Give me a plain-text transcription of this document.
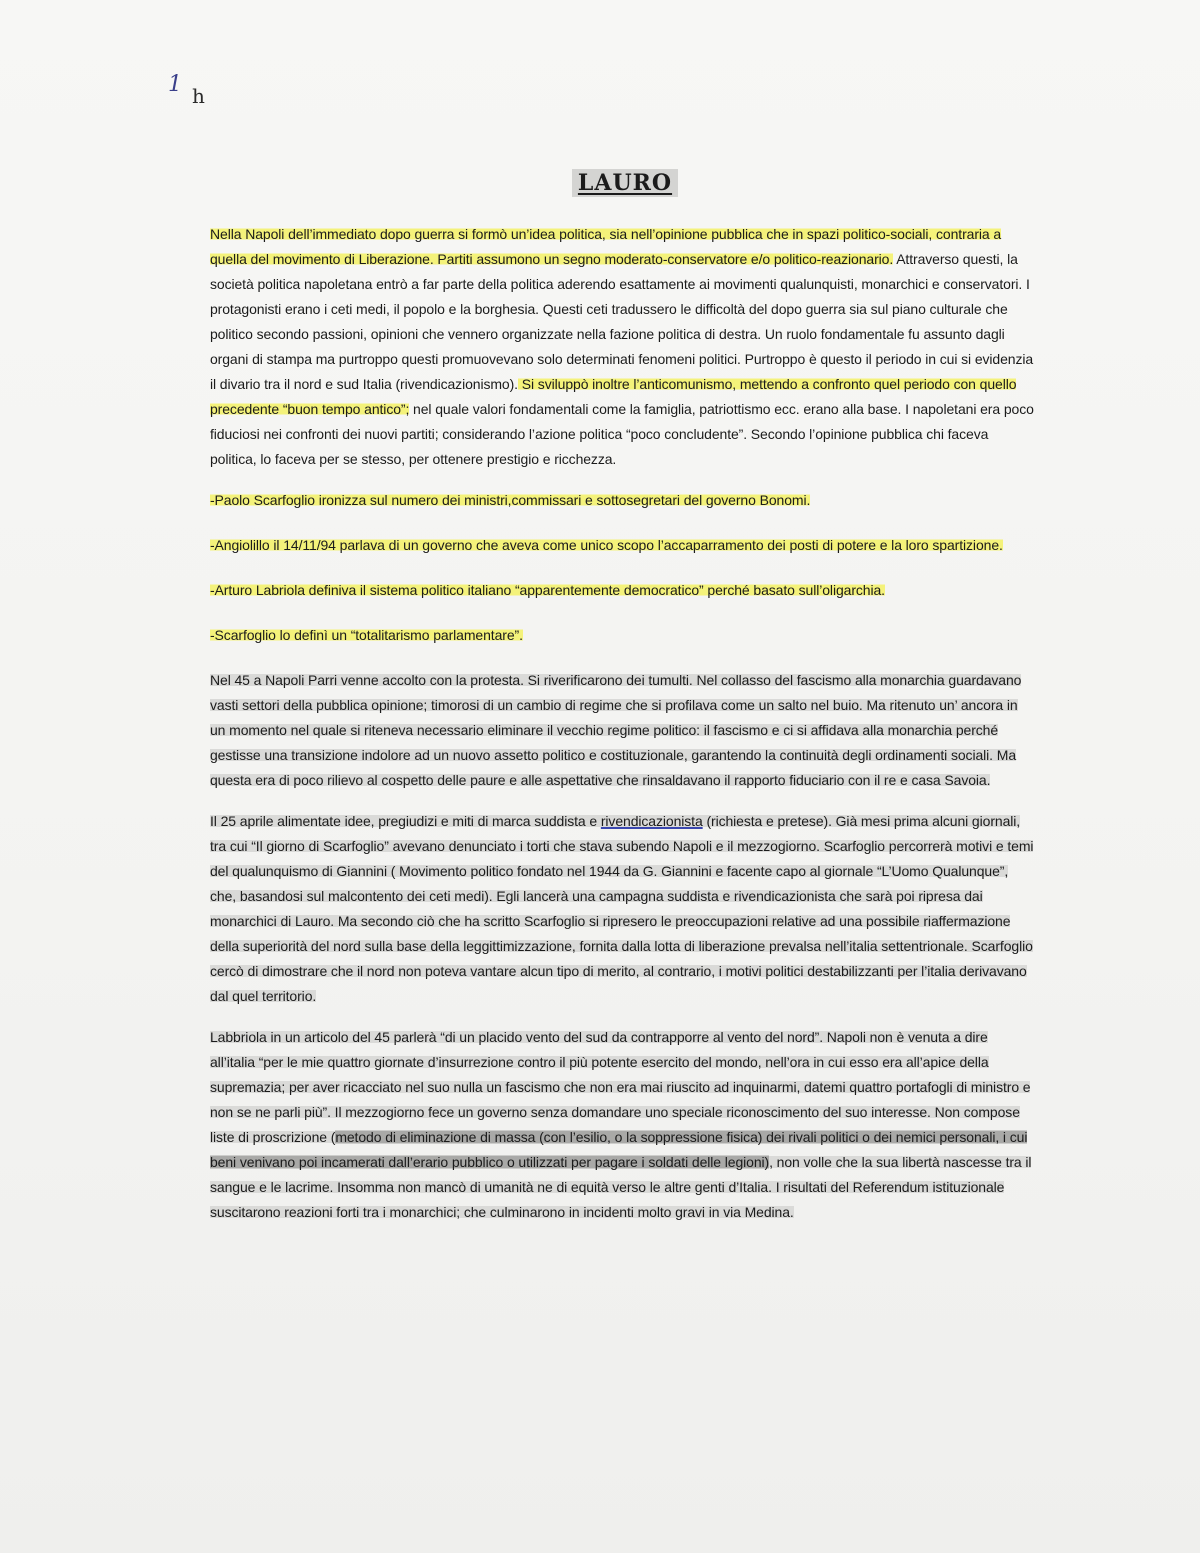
1 h
LAURO

Nella Napoli dell’immediato dopo guerra si formò un’idea politica, sia nell’opinione pubblica che in spazi politico-sociali, contraria a quella del movimento di Liberazione. Partiti assumono un segno moderato-conservatore e/o politico-reazionario. Attraverso questi, la società politica napoletana entrò a far parte della politica aderendo esattamente ai movimenti qualunquisti, monarchici e conservatori. I protagonisti erano i ceti medi, il popolo e la borghesia. Questi ceti tradussero le difficoltà del dopo guerra sia sul piano culturale che politico secondo passioni, opinioni che vennero organizzate nella fazione politica di destra. Un ruolo fondamentale fu assunto dagli organi di stampa ma purtroppo questi promuovevano solo determinati fenomeni politici. Purtroppo è questo il periodo in cui si evidenzia il divario tra il nord e sud Italia (rivendicazionismo). Si sviluppò inoltre l’anticomunismo, mettendo a confronto quel periodo con quello precedente “buon tempo antico”; nel quale valori fondamentali come la famiglia, patriottismo ecc. erano alla base. I napoletani era poco fiduciosi nei confronti dei nuovi partiti; considerando l’azione politica “poco concludente”. Secondo l’opinione pubblica chi faceva politica, lo faceva per se stesso, per ottenere prestigio e ricchezza.

-Paolo Scarfoglio ironizza sul numero dei ministri,commissari e sottosegretari del governo Bonomi.

-Angiolillo il 14/11/94 parlava di un governo che aveva come unico scopo l’accaparramento dei posti di potere e la loro spartizione.

-Arturo Labriola definiva il sistema politico italiano “apparentemente democratico” perché basato sull’oligarchia.

-Scarfoglio lo definì un “totalitarismo parlamentare”.

Nel 45 a Napoli Parri venne accolto con la protesta. Si riverificarono dei tumulti. Nel collasso del fascismo alla monarchia guardavano vasti settori della pubblica opinione; timorosi di un cambio di regime che si profilava come un salto nel buio. Ma ritenuto un’ ancora in un momento nel quale si riteneva necessario eliminare il vecchio regime politico: il fascismo e ci si affidava alla monarchia perché gestisse una transizione indolore ad un nuovo assetto politico e costituzionale, garantendo la continuità degli ordinamenti sociali. Ma questa era di poco rilievo al cospetto delle paure e alle aspettative che rinsaldavano il rapporto fiduciario con il re e casa Savoia.

Il 25 aprile alimentate idee, pregiudizi e miti di marca suddista e rivendicazionista (richiesta e pretese). Già mesi prima alcuni giornali, tra cui “Il giorno di Scarfoglio” avevano denunciato i torti che stava subendo Napoli e il mezzogiorno. Scarfoglio percorrerà motivi e temi del qualunquismo di Giannini ( Movimento politico fondato nel 1944 da G. Giannini e facente capo al giornale “L’Uomo Qualunque”, che, basandosi sul malcontento dei ceti medi). Egli lancerà una campagna suddista e rivendicazionista che sarà poi ripresa dai monarchici di Lauro. Ma secondo ciò che ha scritto Scarfoglio si ripresero le preoccupazioni relative ad una possibile riaffermazione della superiorità del nord sulla base della leggittimizzazione, fornita dalla lotta di liberazione prevalsa nell’italia settentrionale. Scarfoglio cercò di dimostrare che il nord non poteva vantare alcun tipo di merito, al contrario, i motivi politici destabilizzanti per l’italia derivavano dal quel territorio.

Labbriola in un articolo del 45 parlerà “di un placido vento del sud da contrapporre al vento del nord”. Napoli non è venuta a dire all’italia “per le mie quattro giornate d’insurrezione contro il più potente esercito del mondo, nell’ora in cui esso era all’apice della supremazia; per aver ricacciato nel suo nulla un fascismo che non era mai riuscito ad inquinarmi, datemi quattro portafogli di ministro e non se ne parli più”. Il mezzogiorno fece un governo senza domandare uno speciale riconoscimento del suo interesse. Non compose liste di proscrizione (metodo di eliminazione di massa (con l’esilio, o la soppressione fisica) dei rivali politici o dei nemici personali, i cui beni venivano poi incamerati dall’erario pubblico o utilizzati per pagare i soldati delle legioni), non volle che la sua libertà nascesse tra il sangue e le lacrime. Insomma non mancò di umanità ne di equità verso le altre genti d’Italia. I risultati del Referendum istituzionale suscitarono reazioni forti tra i monarchici; che culminarono in incidenti molto gravi in via Medina.
